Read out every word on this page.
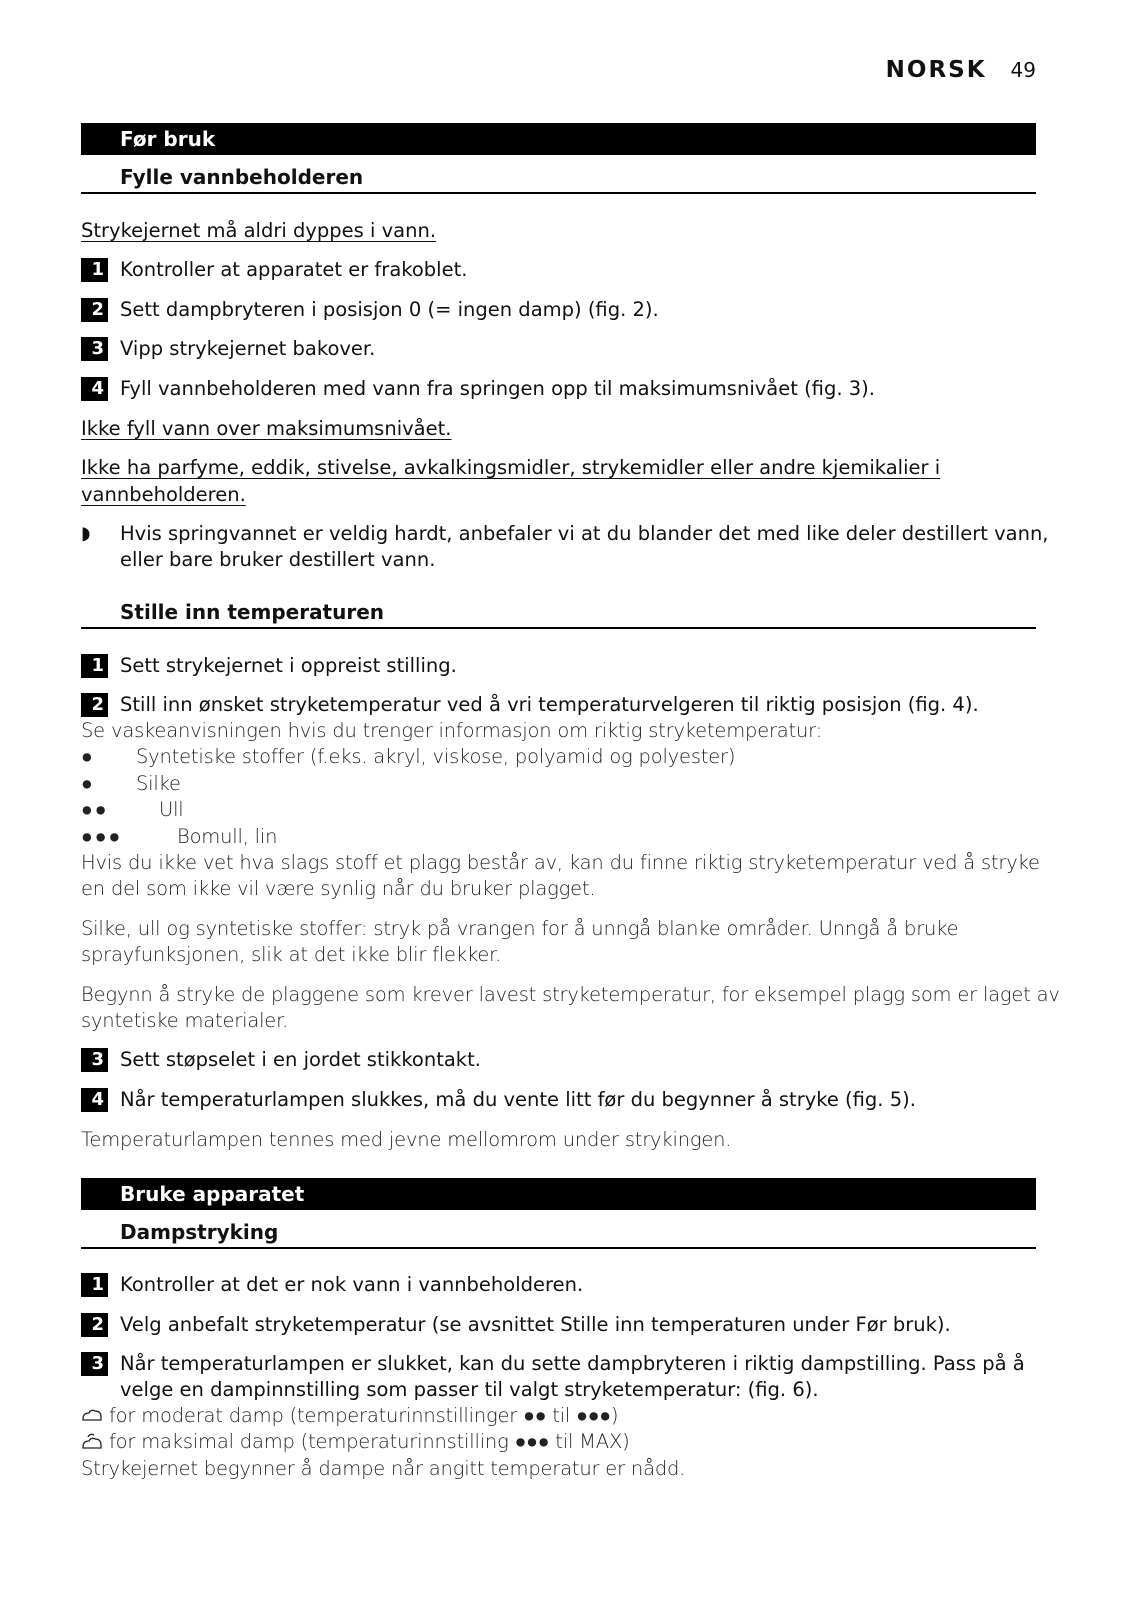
NORSK 49
Før bruk
Fylle vannbeholderen
Strykejernet må aldri dyppes i vann.
1 Kontroller at apparatet er frakoblet.
2 Sett dampbryteren i posisjon 0 (= ingen damp) (fig. 2).
3 Vipp strykejernet bakover.
4 Fyll vannbeholderen med vann fra springen opp til maksimumsnivået (fig. 3).
Ikke fyll vann over maksimumsnivået.
Ikke ha parfyme, eddik, stivelse, avkalkingsmidler, strykemidler eller andre kjemikalier i
vannbeholderen.
◗ Hvis springvannet er veldig hardt, anbefaler vi at du blander det med like deler destillert vann,
eller bare bruker destillert vann.
Stille inn temperaturen
1 Sett strykejernet i oppreist stilling.
2 Still inn ønsket stryketemperatur ved å vri temperaturvelgeren til riktig posisjon (fig. 4).
Se vaskeanvisningen hvis du trenger informasjon om riktig stryketemperatur:
● Syntetiske stoffer (f.eks. akryl, viskose, polyamid og polyester)
● Silke
●●	Ull
●●●	Bomull, lin
Hvis du ikke vet hva slags stoff et plagg består av, kan du finne riktig stryketemperatur ved å stryke
en del som ikke vil være synlig når du bruker plagget.
Silke, ull og syntetiske stoffer: stryk på vrangen for å unngå blanke områder. Unngå å bruke
sprayfunksjonen, slik at det ikke blir flekker.
Begynn å stryke de plaggene som krever lavest stryketemperatur, for eksempel plagg som er laget av
syntetiske materialer.
3 Sett støpselet i en jordet stikkontakt.
4 Når temperaturlampen slukkes, må du vente litt før du begynner å stryke (fig. 5).
Temperaturlampen tennes med jevne mellomrom under strykingen.
Bruke apparatet
Dampstryking
1 Kontroller at det er nok vann i vannbeholderen.
2 Velg anbefalt stryketemperatur (se avsnittet Stille inn temperaturen under Før bruk).
3 Når temperaturlampen er slukket, kan du sette dampbryteren i riktig dampstilling. Pass på å
velge en dampinnstilling som passer til valgt stryketemperatur: (fig. 6).
for moderat damp (temperaturinnstillinger ●● til ●●●)
for maksimal damp (temperaturinnstilling ●●● til MAX)
Strykejernet begynner å dampe når angitt temperatur er nådd.
